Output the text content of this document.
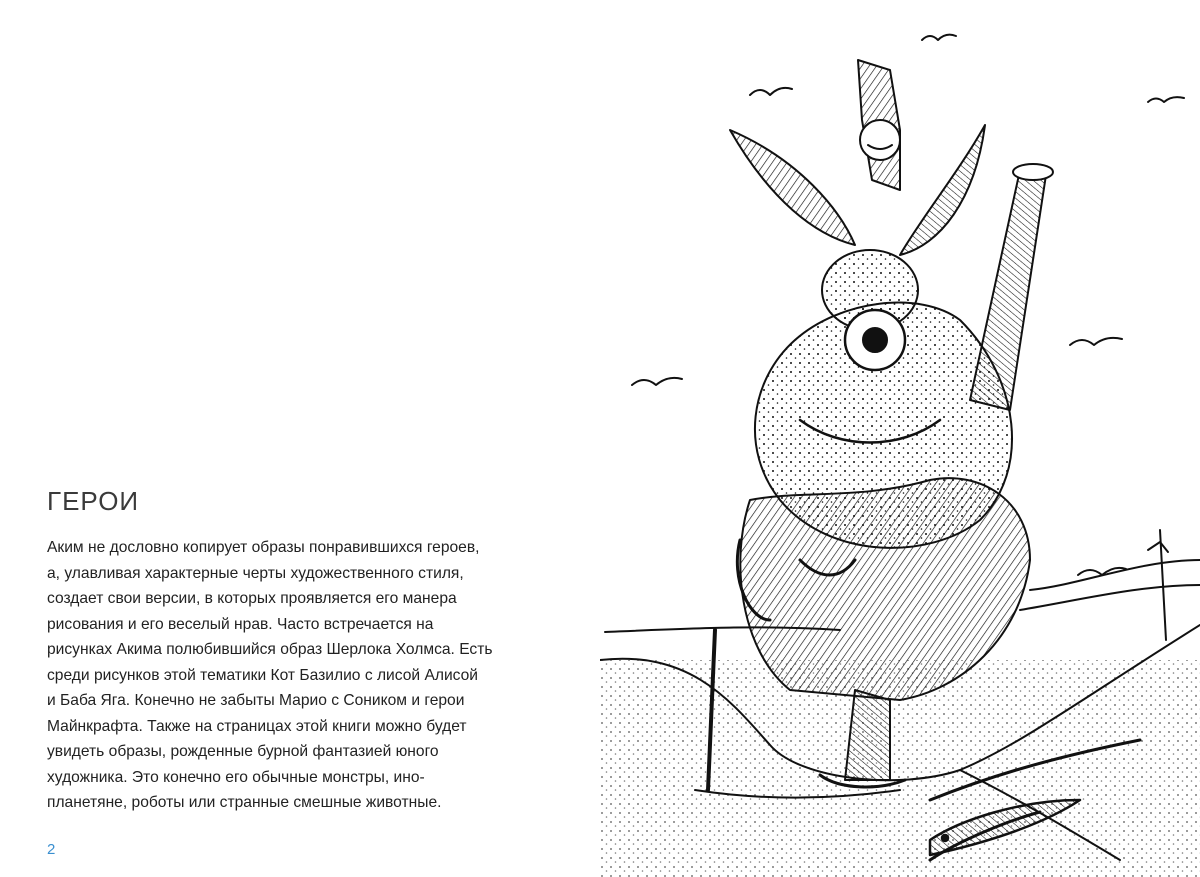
ГЕРОИ
Аким не дословно копирует образы понравившихся героев,
а, улавливая характерные черты художественного стиля,
создает свои версии, в которых проявляется его манера
рисования и его веселый нрав. Часто встречается на
рисунках Акима полюбившийся образ Шерлока Холмса. Есть
среди рисунков этой тематики Кот Базилио с лисой Алисой
и Баба Яга. Конечно не забыты Марио с Соником и герои
Майнкрафта. Также на страницах этой книги можно будет
увидеть образы, рожденные бурной фантазией юного
художника. Это конечно его обычные монстры, ино-
планетяне, роботы или странные смешные животные.
2
